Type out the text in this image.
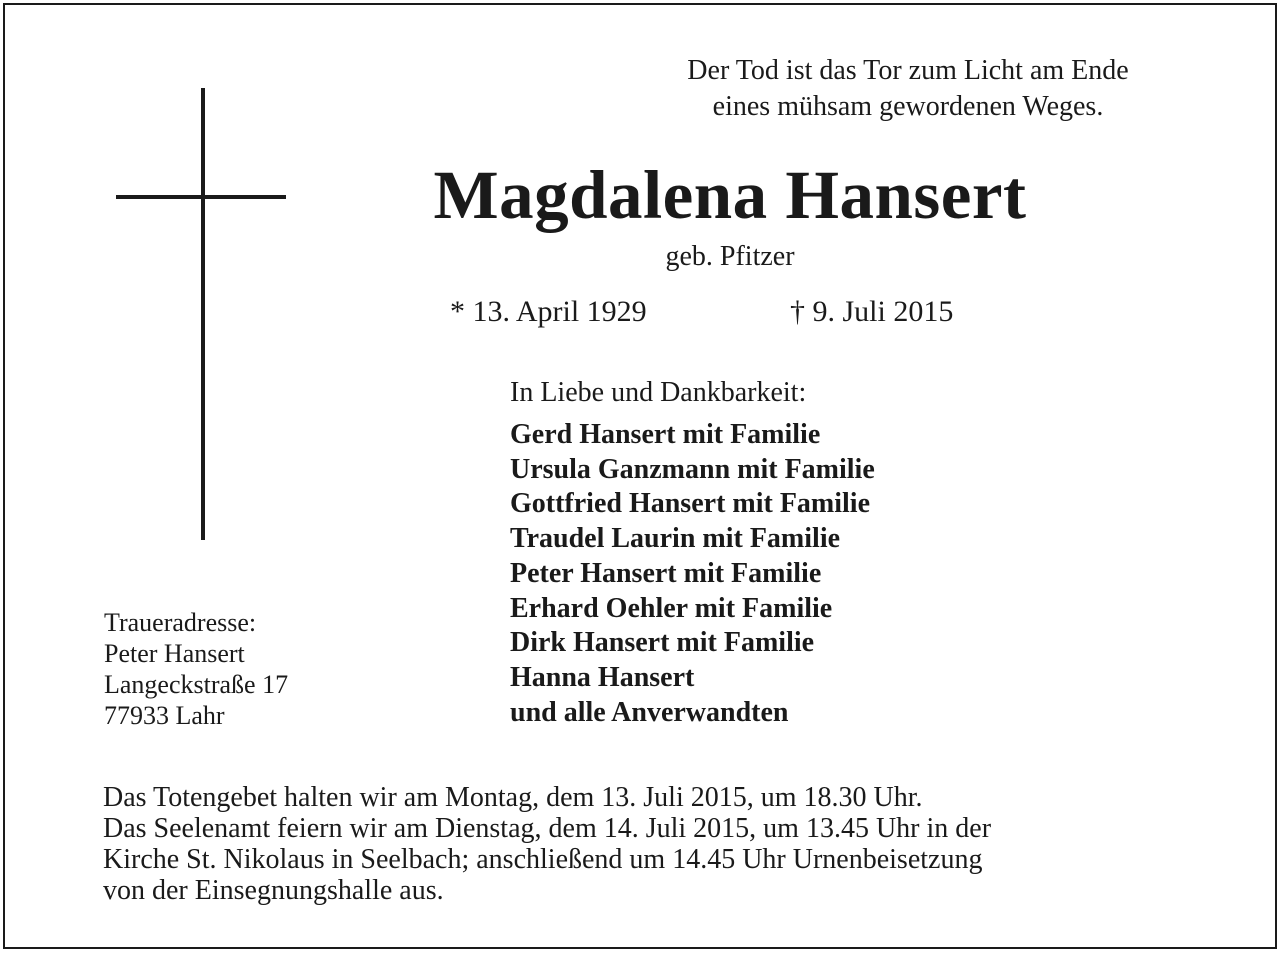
Der Tod ist das Tor zum Licht am Ende
eines mühsam gewordenen Weges.
Magdalena Hansert
geb. Pfitzer
* 13. April 1929	† 9. Juli 2015
In Liebe und Dankbarkeit:
Gerd Hansert mit Familie
Ursula Ganzmann mit Familie
Gottfried Hansert mit Familie
Traudel Laurin mit Familie
Peter Hansert mit Familie
Erhard Oehler mit Familie
Dirk Hansert mit Familie
Hanna Hansert
und alle Anverwandten
Traueradresse:
Peter Hansert
Langeckstraße 17
77933 Lahr

Das Totengebet halten wir am Montag, dem 13. Juli 2015, um 18.30 Uhr.

Das Seelenamt feiern wir am Dienstag, dem 14. Juli 2015, um 13.45 Uhr in der

Kirche St. Nikolaus in Seelbach; anschließend um 14.45 Uhr Urnenbeisetzung

von der Einsegnungshalle aus.
